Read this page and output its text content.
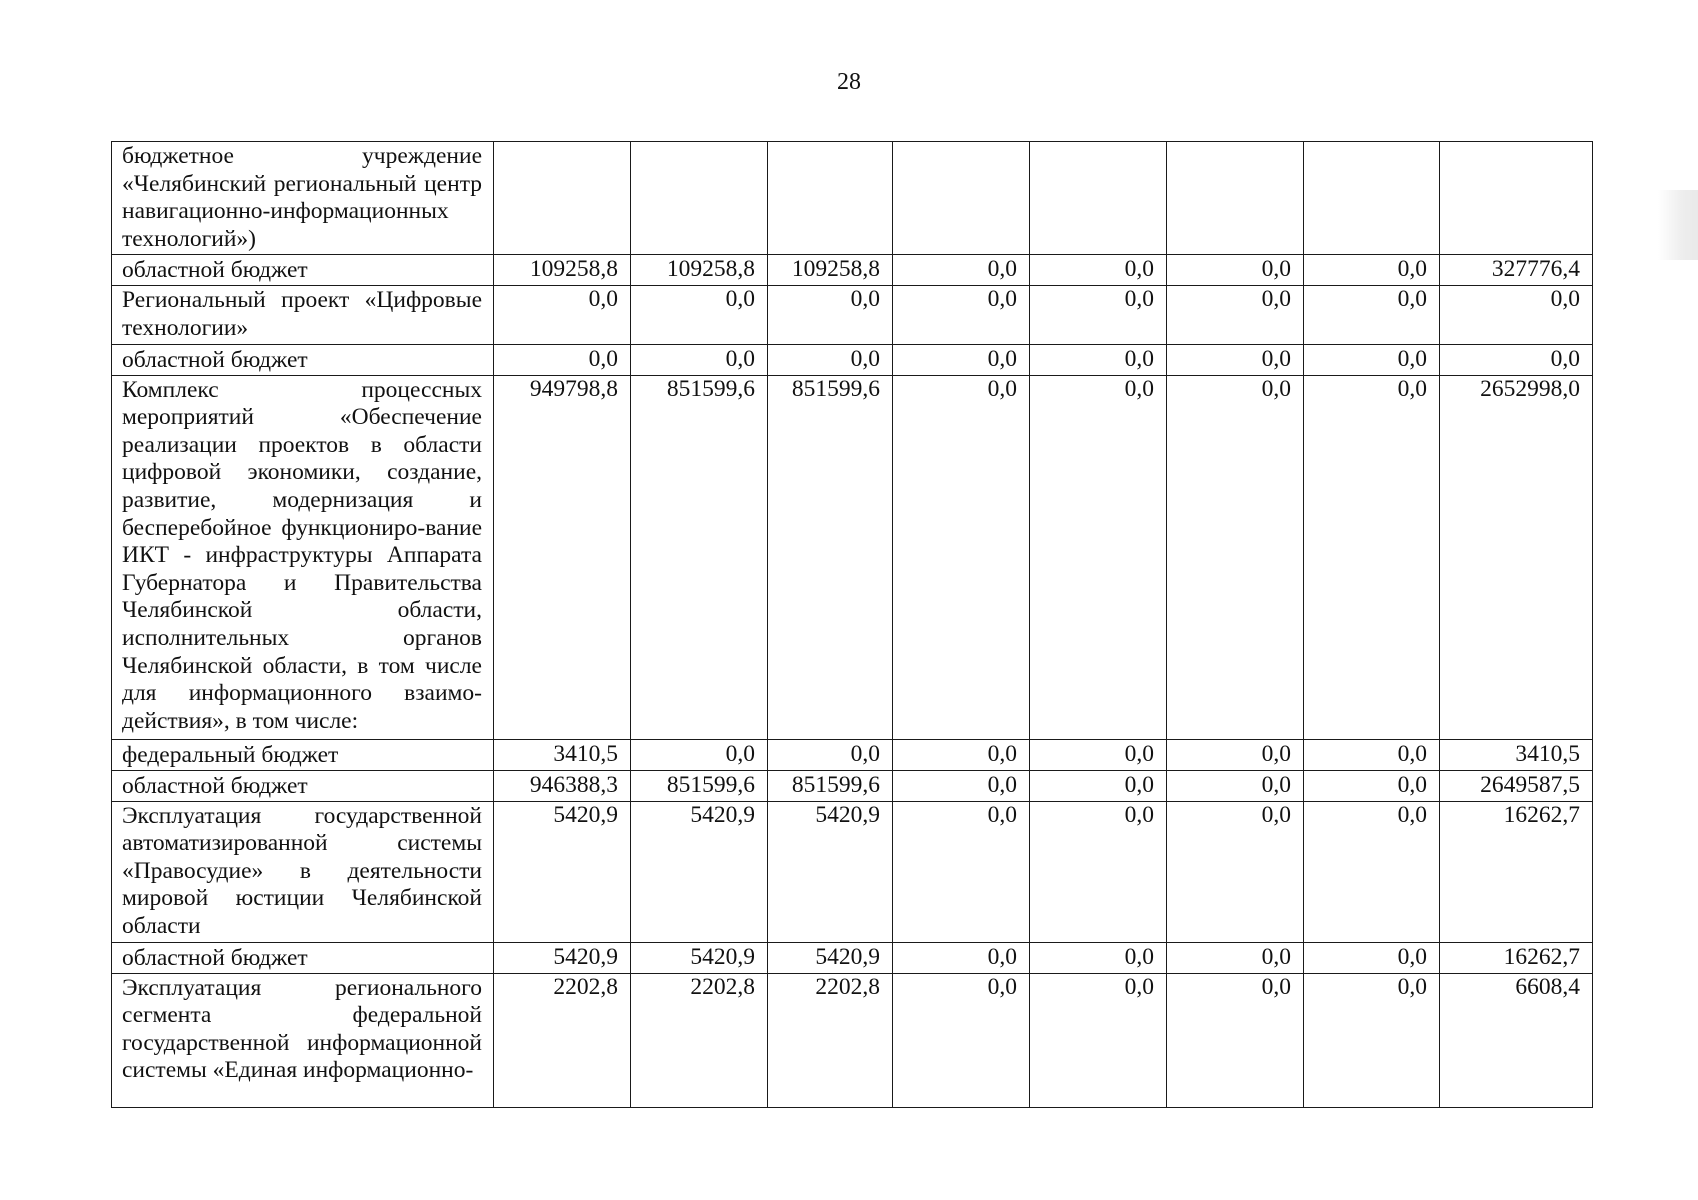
28
бюджетное учреждение «Челябинский региональный центр навигационно-информационных технологий»)								
областной бюджет	109258,8	109258,8	109258,8	0,0	0,0	0,0	0,0	327776,4
Региональный проект «Цифровые технологии»	0,0	0,0	0,0	0,0	0,0	0,0	0,0	0,0
областной бюджет	0,0	0,0	0,0	0,0	0,0	0,0	0,0	0,0
Комплекс процессных мероприятий «Обеспечение реализации проектов в области цифровой экономики, создание, развитие, модернизация и бесперебойное функциониро-вание ИКТ - инфраструктуры Аппарата Губернатора и Правительства Челябинской области, исполнительных органов Челябинской области, в том числе для информационного взаимо-действия», в том числе:	949798,8	851599,6	851599,6	0,0	0,0	0,0	0,0	2652998,0
федеральный бюджет	3410,5	0,0	0,0	0,0	0,0	0,0	0,0	3410,5
областной бюджет	946388,3	851599,6	851599,6	0,0	0,0	0,0	0,0	2649587,5
Эксплуатация государственной автоматизированной системы «Правосудие» в деятельности мировой юстиции Челябинской области	5420,9	5420,9	5420,9	0,0	0,0	0,0	0,0	16262,7
областной бюджет	5420,9	5420,9	5420,9	0,0	0,0	0,0	0,0	16262,7
Эксплуатация регионального сегмента федеральной государственной информационной системы «Единая информационно-	2202,8	2202,8	2202,8	0,0	0,0	0,0	0,0	6608,4
